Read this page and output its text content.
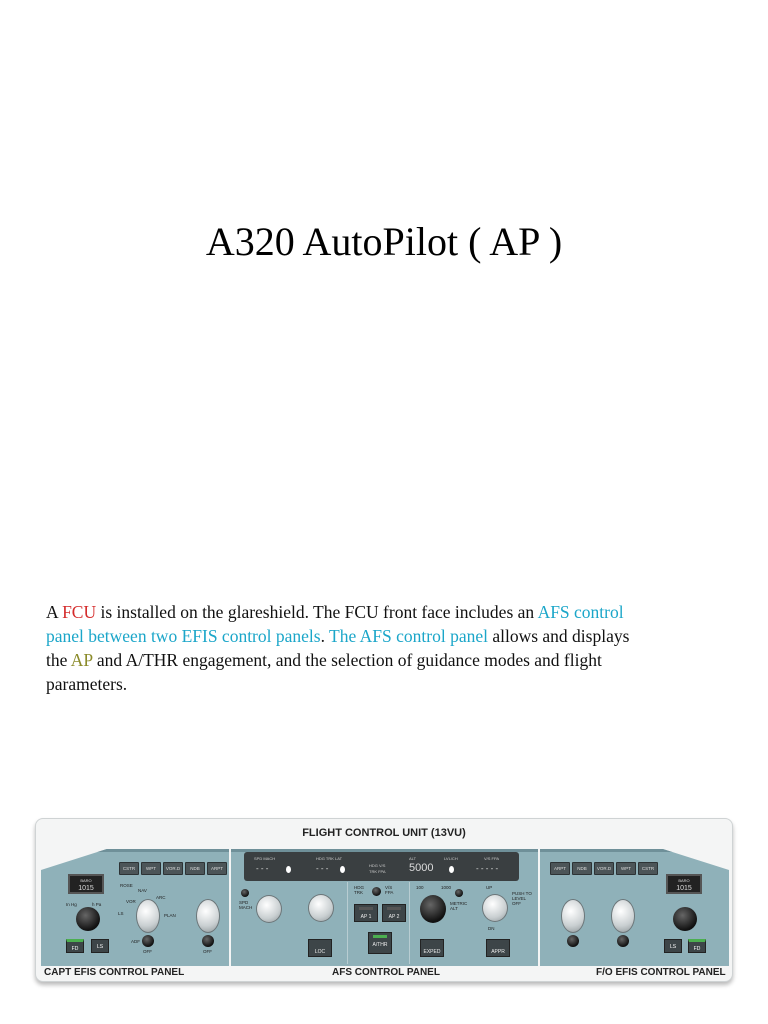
A320 AutoPilot ( AP )

A FCU is installed on the glareshield. The FCU front face includes an AFS control panel between two EFIS control panels. The AFS control panel allows and displays the AP and A/THR engagement, and the selection of guidance modes and flight parameters.

FLIGHT CONTROL UNIT (13VU)
BARO
1015
In Hg	h Pa
FD	LS
CSTR	WPT	VOR.D	NDB	ARPT
ROSE
NAV
VOR
ARC
LS	PLAN
ADF
OFF	OFF
SPD MACH
- - -
HDG TRK LAT
- - -	HDG V/S
TRK FPA
ALT
5000
LVL/CH	V/S FPA
- - - - -
SPD MACH
LOC
HDG TRK
V/S FPA
AP 1	AP 2
A/THR
100	1000
METRIC ALT
UP
DN
PUSH TO LEVEL OFF
EXPED	APPR
ARPT	NDB	VOR.D	WPT	CSTR
BARO
1015
LS	FD
CAPT EFIS CONTROL PANEL	AFS CONTROL PANEL	F/O EFIS CONTROL PANEL
